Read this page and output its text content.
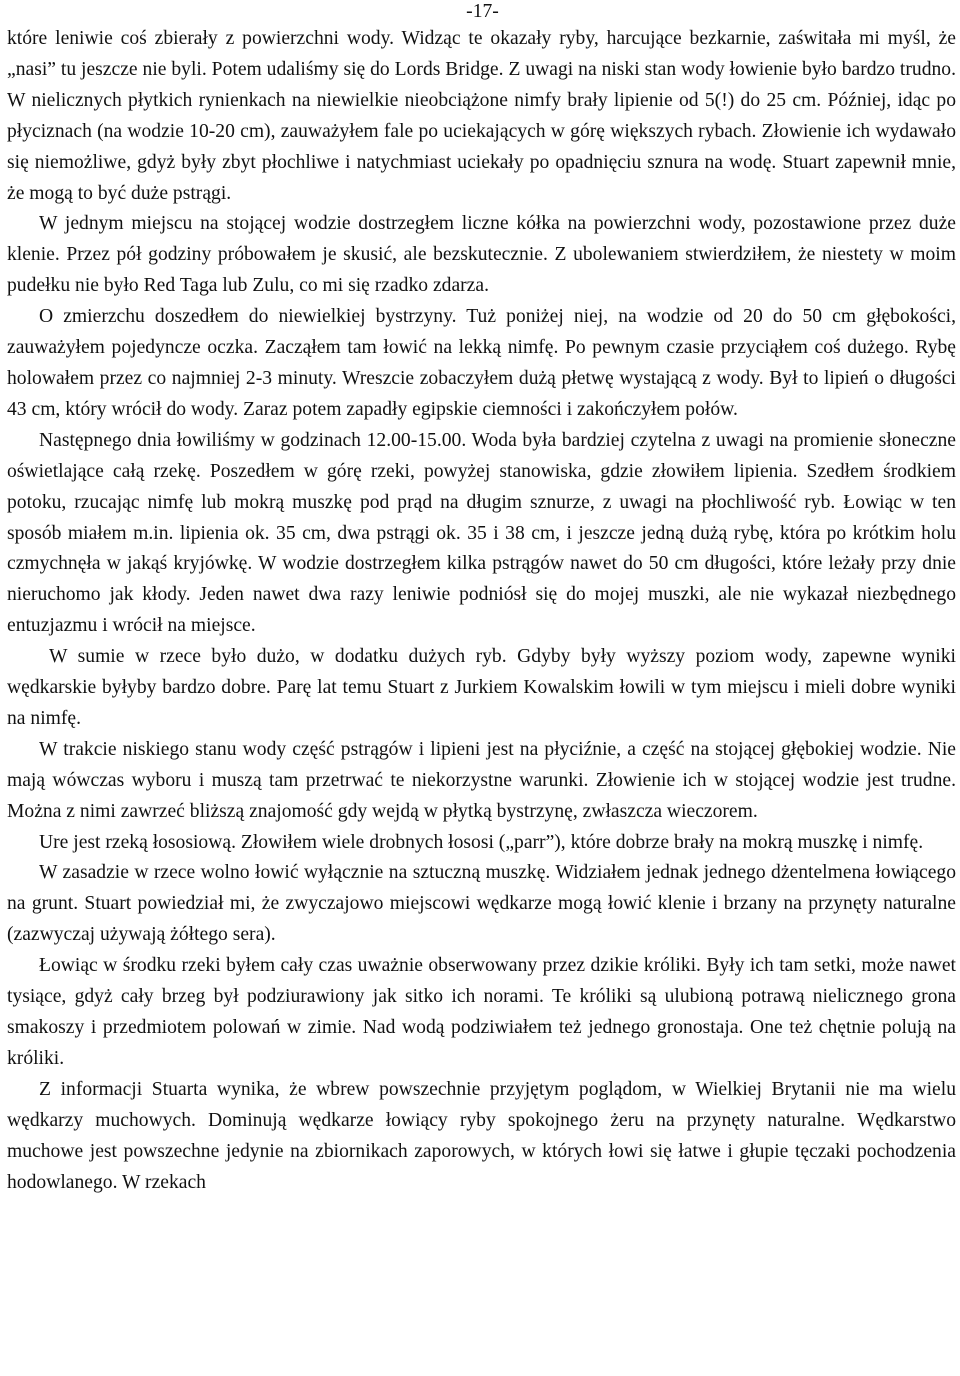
-17-

które leniwie coś zbierały z powierzchni wody. Widząc te okazały ryby, harcujące bezkarnie, zaświtała mi myśl, że „nasi” tu jeszcze nie byli. Potem udaliśmy się do Lords Bridge. Z uwagi na niski stan wody łowienie było bardzo trudno. W nielicznych płytkich rynienkach na niewielkie nieobciążone nimfy brały lipienie od 5(!) do 25 cm. Później, idąc po płyciznach (na wodzie 10-20 cm), zauważyłem fale po uciekających w górę większych rybach. Złowienie ich wydawało się niemożliwe, gdyż były zbyt płochliwe i natychmiast uciekały po opadnięciu sznura na wodę. Stuart zapewnił mnie, że mogą to być duże pstrągi.

W jednym miejscu na stojącej wodzie dostrzegłem liczne kółka na powierzchni wody, pozostawione przez duże klenie. Przez pół godziny próbowałem je skusić, ale bezskutecznie. Z ubolewaniem stwierdziłem, że niestety w moim pudełku nie było Red Taga lub Zulu, co mi się rzadko zdarza.

O zmierzchu doszedłem do niewielkiej bystrzyny. Tuż poniżej niej, na wodzie od 20 do 50 cm głębokości, zauważyłem pojedyncze oczka. Zacząłem tam łowić na lekką nimfę. Po pewnym czasie przyciąłem coś dużego. Rybę holowałem przez co najmniej 2-3 minuty. Wreszcie zobaczyłem dużą płetwę wystającą z wody. Był to lipień o długości 43 cm, który wrócił do wody. Zaraz potem zapadły egipskie ciemności i zakończyłem połów.

Następnego dnia łowiliśmy w godzinach 12.00-15.00. Woda była bardziej czytelna z uwagi na promienie słoneczne oświetlające całą rzekę. Poszedłem w górę rzeki, powyżej stanowiska, gdzie złowiłem lipienia. Szedłem środkiem potoku, rzucając nimfę lub mokrą muszkę pod prąd na długim sznurze, z uwagi na płochliwość ryb. Łowiąc w ten sposób miałem m.in. lipienia ok. 35 cm, dwa pstrągi ok. 35 i 38 cm, i jeszcze jedną dużą rybę, która po krótkim holu czmychnęła w jakąś kryjówkę. W wodzie dostrzegłem kilka pstrągów nawet do 50 cm długości, które leżały przy dnie nieruchomo jak kłody. Jeden nawet dwa razy leniwie podniósł się do mojej muszki, ale nie wykazał niezbędnego entuzjazmu i wrócił na miejsce.

W sumie w rzece było dużo, w dodatku dużych ryb. Gdyby były wyższy poziom wody, zapewne wyniki wędkarskie byłyby bardzo dobre. Parę lat temu Stuart z Jurkiem Kowalskim łowili w tym miejscu i mieli dobre wyniki na nimfę.

W trakcie niskiego stanu wody część pstrągów i lipieni jest na płyciźnie, a część na stojącej głębokiej wodzie. Nie mają wówczas wyboru i muszą tam przetrwać te niekorzystne warunki. Złowienie ich w stojącej wodzie jest trudne. Można z nimi zawrzeć bliższą znajomość gdy wejdą w płytką bystrzynę, zwłaszcza wieczorem.

Ure jest rzeką łososiową. Złowiłem wiele drobnych łososi („parr”), które dobrze brały na mokrą muszkę i nimfę.

W zasadzie w rzece wolno łowić wyłącznie na sztuczną muszkę. Widziałem jednak jednego dżentelmena łowiącego na grunt. Stuart powiedział mi, że zwyczajowo miejscowi wędkarze mogą łowić klenie i brzany na przynęty naturalne (zazwyczaj używają żółtego sera).

Łowiąc w środku rzeki byłem cały czas uważnie obserwowany przez dzikie króliki. Były ich tam setki, może nawet tysiące, gdyż cały brzeg był podziurawiony jak sitko ich norami. Te króliki są ulubioną potrawą nielicznego grona smakoszy i przedmiotem polowań w zimie. Nad wodą podziwiałem też jednego gronostaja. One też chętnie polują na króliki.

Z informacji Stuarta wynika, że wbrew powszechnie przyjętym poglądom, w Wielkiej Brytanii nie ma wielu wędkarzy muchowych. Dominują wędkarze łowiący ryby spokojnego żeru na przynęty naturalne. Wędkarstwo muchowe jest powszechne jedynie na zbiornikach zaporowych, w których łowi się łatwe i głupie tęczaki pochodzenia hodowlanego. W rzekach
